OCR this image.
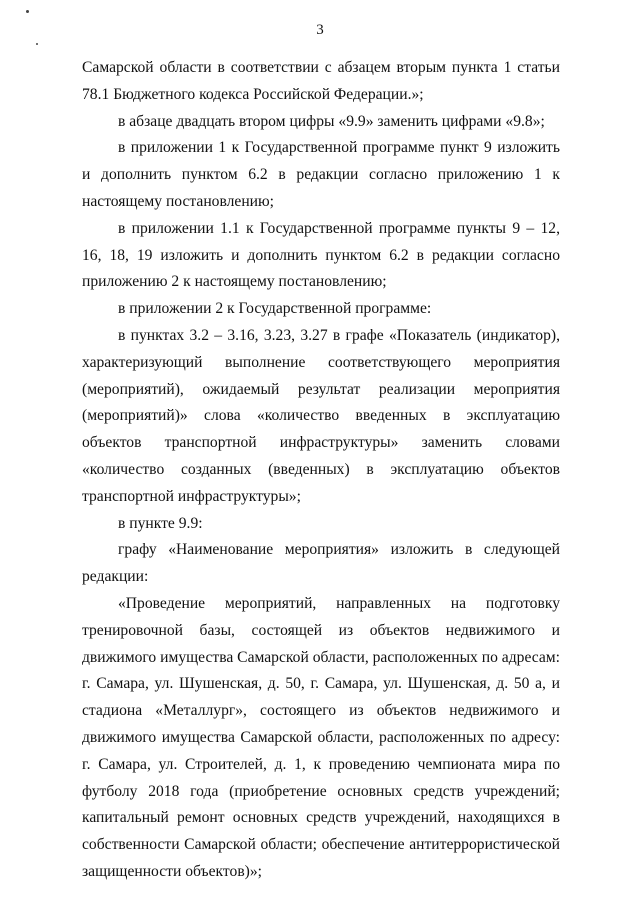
3

Самарской области в соответствии с абзацем вторым пункта 1 статьи 78.1 Бюджетного кодекса Российской Федерации.»;

в абзаце двадцать втором цифры «9.9» заменить цифрами «9.8»;

в приложении 1 к Государственной программе пункт 9 изложить и дополнить пунктом 6.2 в редакции согласно приложению 1 к настоящему постановлению;

в приложении 1.1 к Государственной программе пункты 9 – 12, 16, 18, 19 изложить и дополнить пунктом 6.2 в редакции согласно приложению 2 к настоящему постановлению;

в приложении 2 к Государственной программе:

в пунктах 3.2 – 3.16, 3.23, 3.27 в графе «Показатель (индикатор), характеризующий выполнение соответствующего мероприятия (мероприятий), ожидаемый результат реализации мероприятия (мероприятий)» слова «количество введенных в эксплуатацию объектов транспортной инфраструктуры» заменить словами «количество созданных (введенных) в эксплуатацию объектов транспортной инфраструктуры»;

в пункте 9.9:

графу «Наименование мероприятия» изложить в следующей редакции:

«Проведение мероприятий, направленных на подготовку тренировочной базы, состоящей из объектов недвижимого и движимого имущества Самарской области, расположенных по адресам: г. Самара, ул. Шушенская, д. 50, г. Самара, ул. Шушенская, д. 50 а, и стадиона «Металлург», состоящего из объектов недвижимого и движимого имущества Самарской области, расположенных по адресу: г. Самара, ул. Строителей, д. 1, к проведению чемпионата мира по футболу 2018 года (приобретение основных средств учреждений; капитальный ремонт основных средств учреждений, находящихся в собственности Самарской области; обеспечение антитеррористической защищенности объектов)»;
